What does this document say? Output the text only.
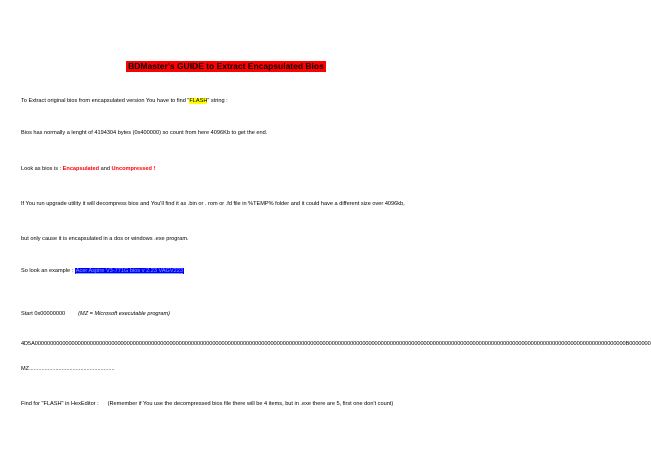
BDMaster's GUIDE to Extract Encapsulated Bios
To Extract original bios from encapsulated version You have to find "FLASH" string :
Bios has normally a lenght of 4194304 bytes (0x400000) so count from here 4096Kb to get the end.
Look as bios is : Encapsulated and Uncompressed !
If You run upgrade utility it will decompress bios and You'll find it as .bin or . rom or .fd file in %TEMP% folder and it could have a different size over 4096kb,
but only cause it is encapsulated in a dos or windows .exe program.
So look an example : Acer Aspire V3-771G bios v 2.23 VAGV223
Start 0x00000000 (MZ = Microsoft executable program)
4D5A0000000000000000000000000000000000000000000000000000000000000000000000000000000000000000000000000000000000000000000000000000000000000000000000000000000000000000000000000000000000000000000000000B0000000
MZ.......................................................
Find for "FLASH" in HexEditor : (Remember if You use the decompressed bios file there will be 4 items, but in .exe there are 5, first one don't count)
